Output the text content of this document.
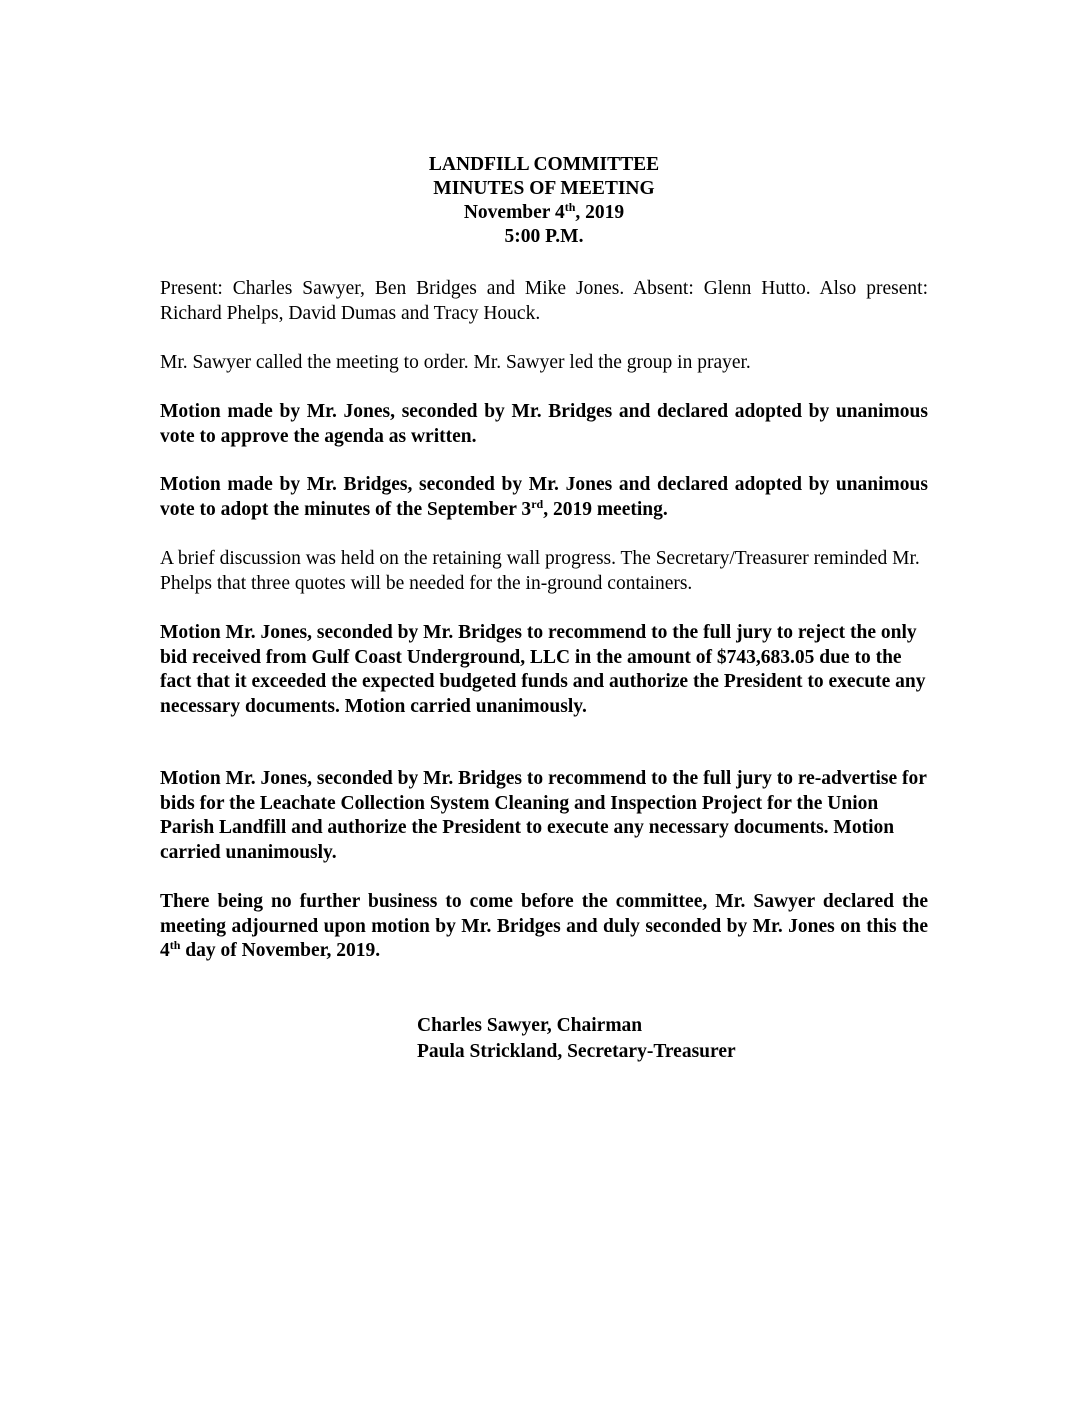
LANDFILL COMMITTEE
MINUTES OF MEETING
November 4th, 2019
5:00 P.M.
Present: Charles Sawyer, Ben Bridges and Mike Jones. Absent: Glenn Hutto. Also present: Richard Phelps, David Dumas and Tracy Houck.
Mr. Sawyer called the meeting to order. Mr. Sawyer led the group in prayer.
Motion made by Mr. Jones, seconded by Mr. Bridges and declared adopted by unanimous vote to approve the agenda as written.
Motion made by Mr. Bridges, seconded by Mr. Jones and declared adopted by unanimous vote to adopt the minutes of the September 3rd, 2019 meeting.
A brief discussion was held on the retaining wall progress. The Secretary/Treasurer reminded Mr. Phelps that three quotes will be needed for the in-ground containers.
Motion Mr. Jones, seconded by Mr. Bridges to recommend to the full jury to reject the only bid received from Gulf Coast Underground, LLC in the amount of $743,683.05 due to the fact that it exceeded the expected budgeted funds and authorize the President to execute any necessary documents. Motion carried unanimously.
Motion Mr. Jones, seconded by Mr. Bridges to recommend to the full jury to re-advertise for bids for the Leachate Collection System Cleaning and Inspection Project for the Union Parish Landfill and authorize the President to execute any necessary documents. Motion carried unanimously.
There being no further business to come before the committee, Mr. Sawyer declared the meeting adjourned upon motion by Mr. Bridges and duly seconded by Mr. Jones on this the 4th day of November, 2019.
Charles Sawyer, Chairman
Paula Strickland, Secretary-Treasurer
